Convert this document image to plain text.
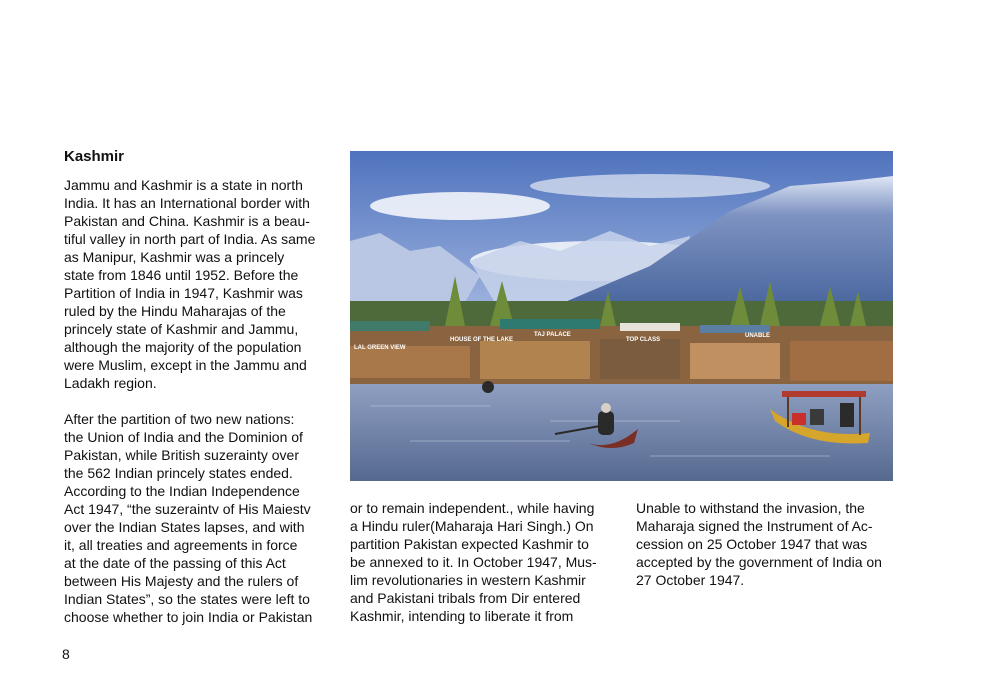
Kashmir

Jammu and Kashmir is a state in north
India. It has an International border with
Pakistan and China. Kashmir is a beau-
tiful valley in north part of India. As same
as Manipur, Kashmir was a princely
state from 1846 until 1952. Before the
Partition of India in 1947, Kashmir was
ruled by the Hindu Maharajas of the
princely state of Kashmir and Jammu,
although the majority of the population
were Muslim, except in the Jammu and
Ladakh region.

After the partition of two new nations:
the Union of India and the Dominion of
Pakistan, while British suzerainty over
the 562 Indian princely states ended.
According to the Indian Independence
Act 1947, “the suzeraintv of His Maiestv
over the Indian States lapses, and with
it, all treaties and agreements in force
at the date of the passing of this Act
between His Majesty and the rulers of
Indian States”, so the states were left to
choose whether to join India or Pakistan

TAJ PALACE
LAL GREEN VIEW
HOUSE OF THE LAKE	TOP CLASS
UNABLE

or to remain independent., while having
a Hindu ruler(Maharaja Hari Singh.) On
partition Pakistan expected Kashmir to
be annexed to it. In October 1947, Mus-
lim revolutionaries in western Kashmir
and Pakistani tribals from Dir entered
Kashmir, intending to liberate it from

Unable to withstand the invasion, the
Maharaja signed the Instrument of Ac-
cession on 25 October 1947 that was
accepted by the government of India on
27 October 1947.

8
